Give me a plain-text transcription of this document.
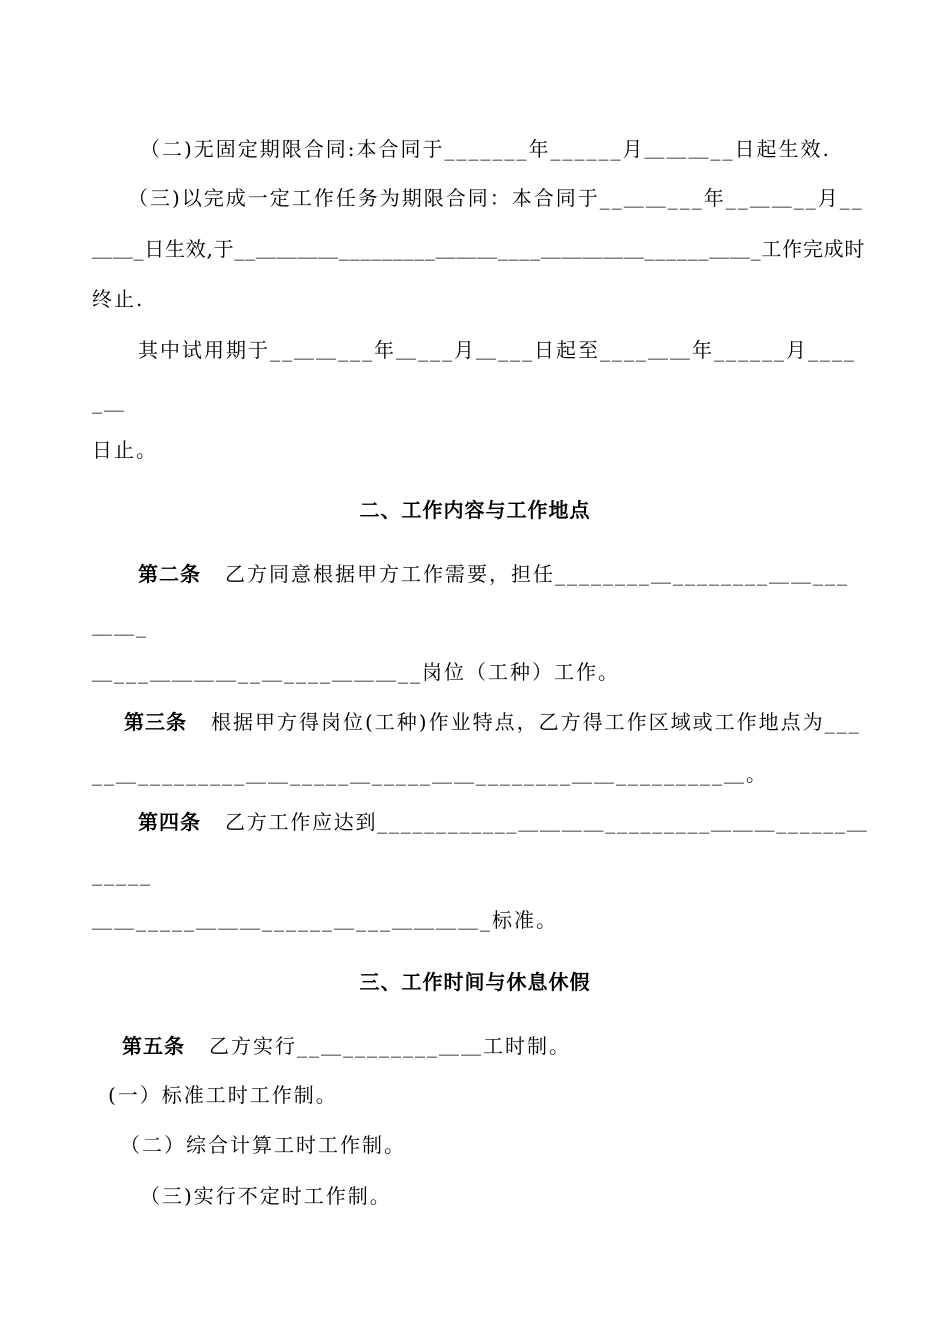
（二)无固定期限合同:本合同于_______年______月＿＿＿__日起生效.
（三)以完成一定工作任务为期限合同：本合同于__＿＿___年__＿＿__月__
＿＿_日生效,于__＿＿＿＿_________＿＿＿____＿＿＿＿＿______＿＿_工作完成时
终止.
其中试用期于__＿＿___年＿___月＿___日起至____＿＿年______月____
_＿
日止。
二、工作内容与工作地点
第二条 乙方同意根据甲方工作需要，担任________＿________＿＿___
＿＿_
＿___＿＿＿＿__＿____＿＿＿__岗位（工种）工作。
第三条 根据甲方得岗位(工种)作业特点，乙方得工作区域或工作地点为___
__＿_________＿＿_____＿_____＿＿________＿＿_________＿。
第四条 乙方工作应达到____________＿＿＿＿_________＿＿＿______＿
_____
＿＿_____＿＿＿______＿___＿＿＿＿_标准。
三、工作时间与休息休假
第五条 乙方实行__＿________＿＿工时制。
(一）标准工时工作制。
（二）综合计算工时工作制。
（三)实行不定时工作制。
